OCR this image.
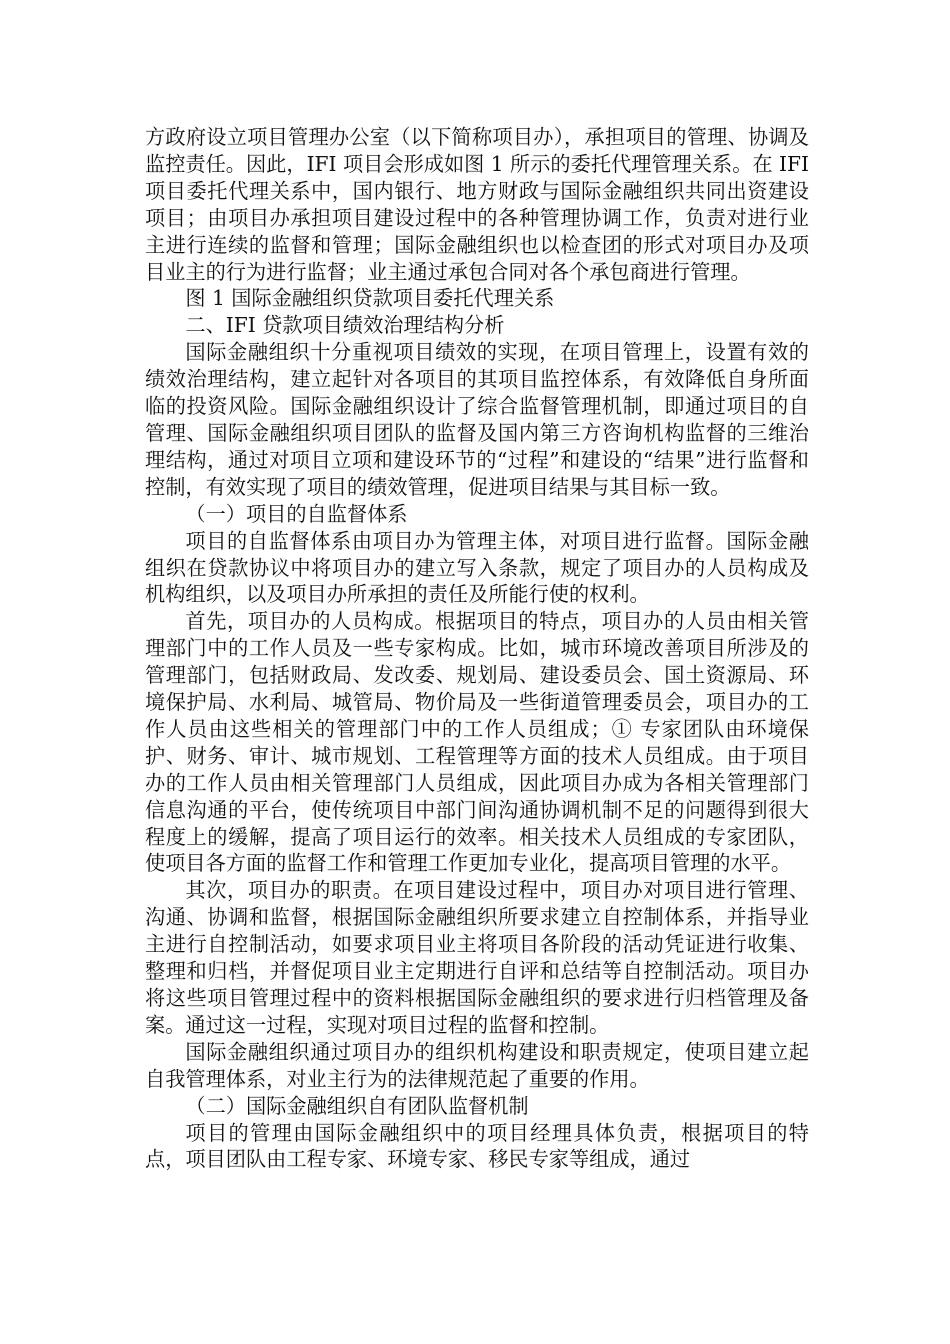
方政府设立项目管理办公室（以下简称项目办），承担项目的管理、协调及监控责任。因此，IFI 项目会形成如图 1 所示的委托代理管理关系。在 IFI 项目委托代理关系中，国内银行、地方财政与国际金融组织共同出资建设项目；由项目办承担项目建设过程中的各种管理协调工作，负责对进行业主进行连续的监督和管理；国际金融组织也以检查团的形式对项目办及项目业主的行为进行监督；业主通过承包合同对各个承包商进行管理。

图 1 国际金融组织贷款项目委托代理关系

二、IFI 贷款项目绩效治理结构分析

国际金融组织十分重视项目绩效的实现，在项目管理上，设置有效的绩效治理结构，建立起针对各项目的其项目监控体系，有效降低自身所面临的投资风险。国际金融组织设计了综合监督管理机制，即通过项目的自管理、国际金融组织项目团队的监督及国内第三方咨询机构监督的三维治理结构，通过对项目立项和建设环节的“过程”和建设的“结果”进行监督和控制，有效实现了项目的绩效管理，促进项目结果与其目标一致。

（一）项目的自监督体系

项目的自监督体系由项目办为管理主体，对项目进行监督。国际金融组织在贷款协议中将项目办的建立写入条款，规定了项目办的人员构成及机构组织，以及项目办所承担的责任及所能行使的权利。

首先，项目办的人员构成。根据项目的特点，项目办的人员由相关管理部门中的工作人员及一些专家构成。比如，城市环境改善项目所涉及的管理部门，包括财政局、发改委、规划局、建设委员会、国土资源局、环境保护局、水利局、城管局、物价局及一些街道管理委员会，项目办的工作人员由这些相关的管理部门中的工作人员组成；① 专家团队由环境保护、财务、审计、城市规划、工程管理等方面的技术人员组成。由于项目办的工作人员由相关管理部门人员组成，因此项目办成为各相关管理部门信息沟通的平台，使传统项目中部门间沟通协调机制不足的问题得到很大程度上的缓解，提高了项目运行的效率。相关技术人员组成的专家团队，使项目各方面的监督工作和管理工作更加专业化，提高项目管理的水平。

其次，项目办的职责。在项目建设过程中，项目办对项目进行管理、沟通、协调和监督，根据国际金融组织所要求建立自控制体系，并指导业主进行自控制活动，如要求项目业主将项目各阶段的活动凭证进行收集、整理和归档，并督促项目业主定期进行自评和总结等自控制活动。项目办将这些项目管理过程中的资料根据国际金融组织的要求进行归档管理及备案。通过这一过程，实现对项目过程的监督和控制。

国际金融组织通过项目办的组织机构建设和职责规定，使项目建立起自我管理体系，对业主行为的法律规范起了重要的作用。

（二）国际金融组织自有团队监督机制

项目的管理由国际金融组织中的项目经理具体负责，根据项目的特点，项目团队由工程专家、环境专家、移民专家等组成，通过
